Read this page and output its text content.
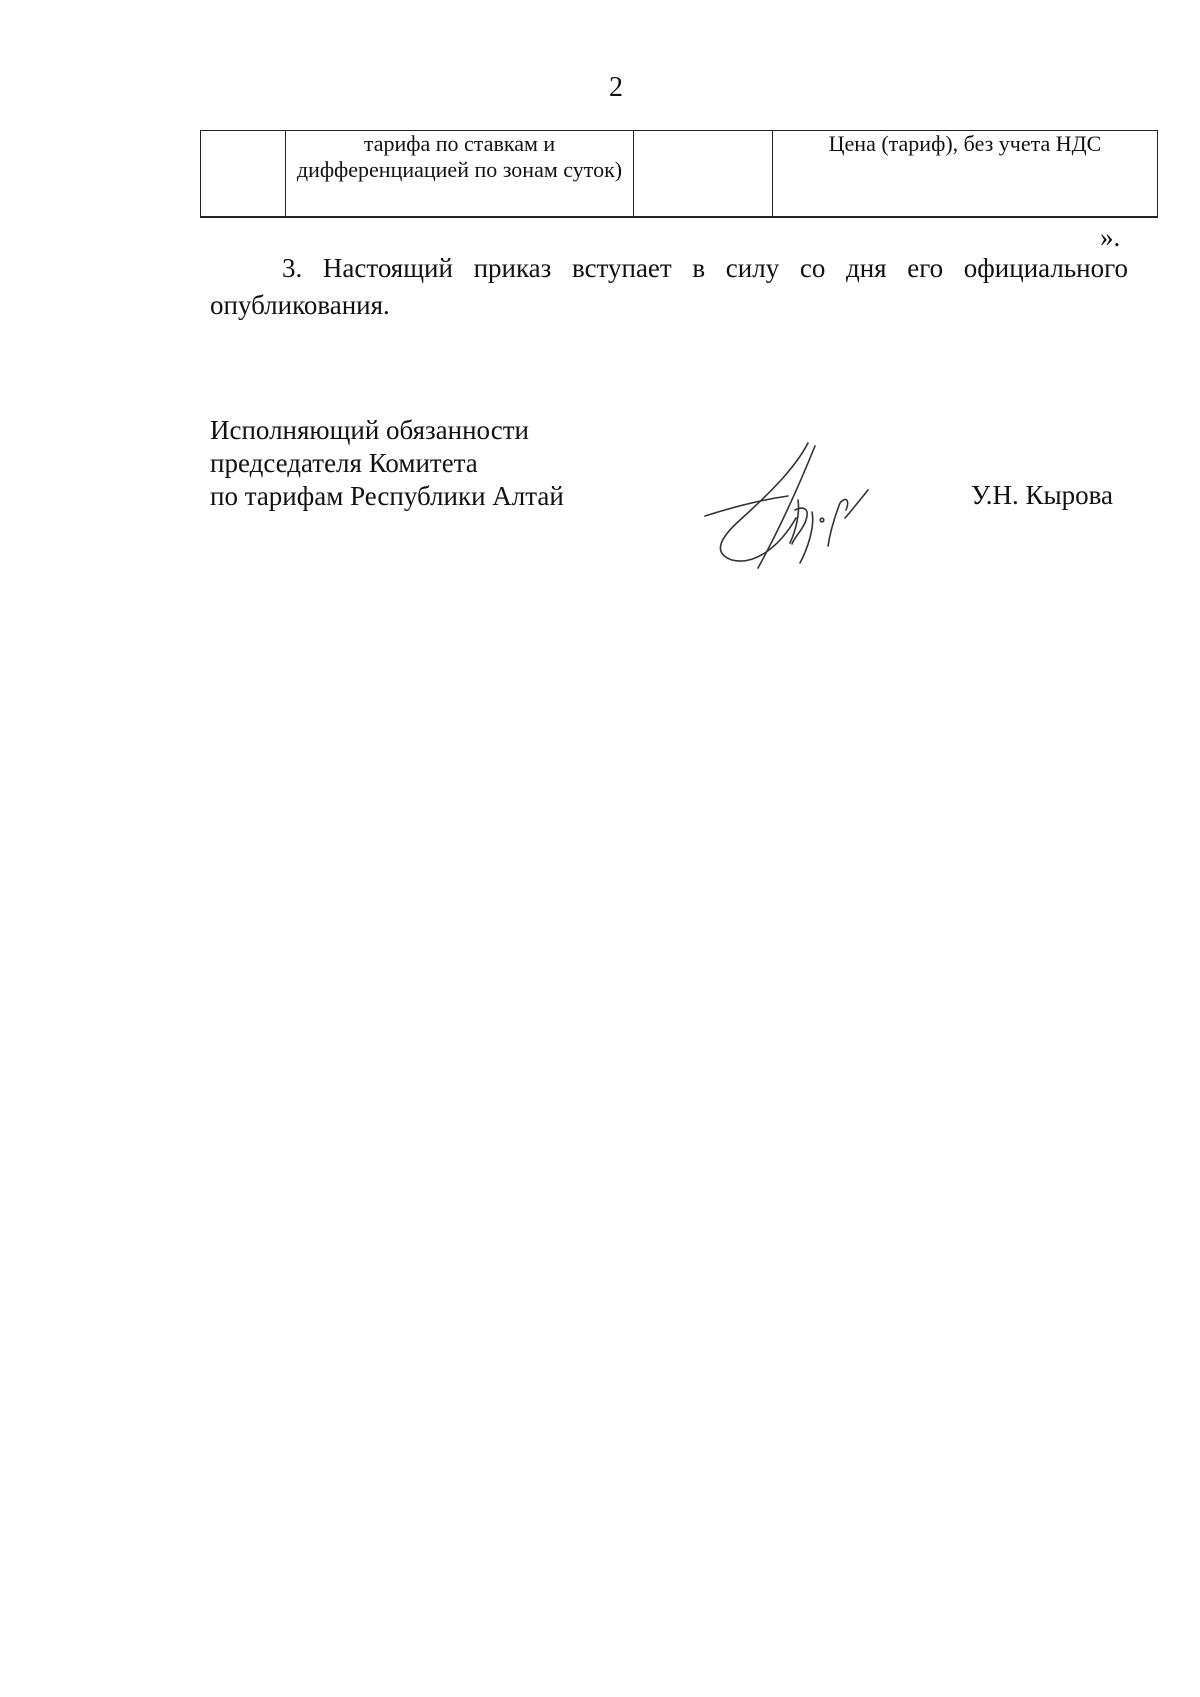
2
	тарифа по ставкам и дифференциацией по зонам суток)		Цена (тариф), без учета НДС
».
3. Настоящий приказ вступает в силу со дня его официального опубликования.
Исполняющий обязанности
председателя Комитета
по тарифам Республики Алтай	У.Н. Кырова
